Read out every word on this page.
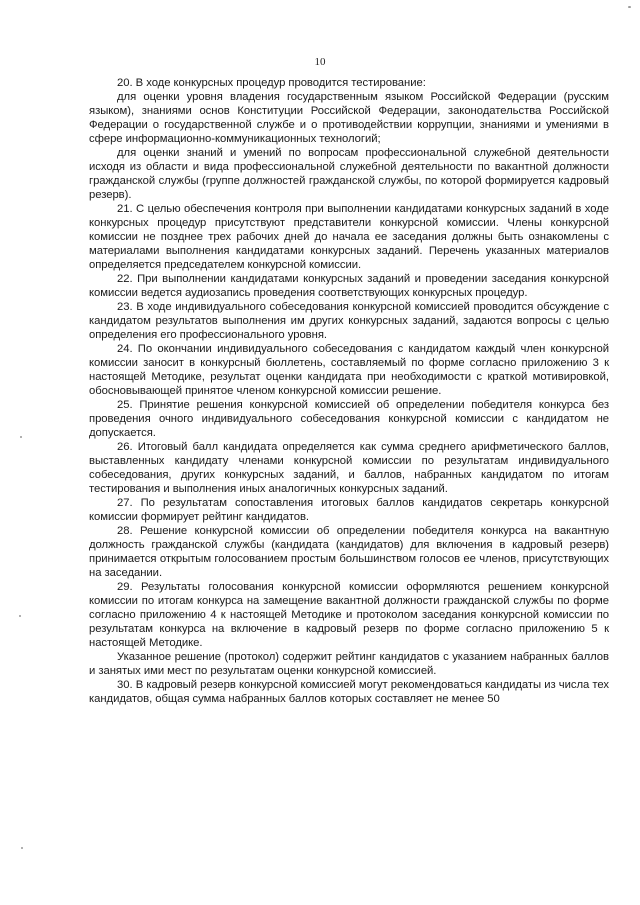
10

20. В ходе конкурсных процедур проводится тестирование:

для оценки уровня владения государственным языком Российской Федерации (русским языком), знаниями основ Конституции Российской Федерации, законодательства Российской Федерации о государственной службе и о противодействии коррупции, знаниями и умениями в сфере информационно-коммуникационных технологий;

для оценки знаний и умений по вопросам профессиональной служебной деятельности исходя из области и вида профессиональной служебной деятельности по вакантной должности гражданской службы (группе должностей гражданской службы, по которой формируется кадровый резерв).

21. С целью обеспечения контроля при выполнении кандидатами конкурсных заданий в ходе конкурсных процедур присутствуют представители конкурсной комиссии. Члены конкурсной комиссии не позднее трех рабочих дней до начала ее заседания должны быть ознакомлены с материалами выполнения кандидатами конкурсных заданий. Перечень указанных материалов определяется председателем конкурсной комиссии.

22. При выполнении кандидатами конкурсных заданий и проведении заседания конкурсной комиссии ведется аудиозапись проведения соответствующих конкурсных процедур.

23. В ходе индивидуального собеседования конкурсной комиссией проводится обсуждение с кандидатом результатов выполнения им других конкурсных заданий, задаются вопросы с целью определения его профессионального уровня.

24. По окончании индивидуального собеседования с кандидатом каждый член конкурсной комиссии заносит в конкурсный бюллетень, составляемый по форме согласно приложению 3 к настоящей Методике, результат оценки кандидата при необходимости с краткой мотивировкой, обосновывающей принятое членом конкурсной комиссии решение.

25. Принятие решения конкурсной комиссией об определении победителя конкурса без проведения очного индивидуального собеседования конкурсной комиссии с кандидатом не допускается.

26. Итоговый балл кандидата определяется как сумма среднего арифметического баллов, выставленных кандидату членами конкурсной комиссии по результатам индивидуального собеседования, других конкурсных заданий, и баллов, набранных кандидатом по итогам тестирования и выполнения иных аналогичных конкурсных заданий.

27. По результатам сопоставления итоговых баллов кандидатов секретарь конкурсной комиссии формирует рейтинг кандидатов.

28. Решение конкурсной комиссии об определении победителя конкурса на вакантную должность гражданской службы (кандидата (кандидатов) для включения в кадровый резерв) принимается открытым голосованием простым большинством голосов ее членов, присутствующих на заседании.

29. Результаты голосования конкурсной комиссии оформляются решением конкурсной комиссии по итогам конкурса на замещение вакантной должности гражданской службы по форме согласно приложению 4 к настоящей Методике и протоколом заседания конкурсной комиссии по результатам конкурса на включение в кадровый резерв по форме согласно приложению 5 к настоящей Методике.

Указанное решение (протокол) содержит рейтинг кандидатов с указанием набранных баллов и занятых ими мест по результатам оценки конкурсной комиссией.

30. В кадровый резерв конкурсной комиссией могут рекомендоваться кандидаты из числа тех кандидатов, общая сумма набранных баллов которых составляет не менее 50
